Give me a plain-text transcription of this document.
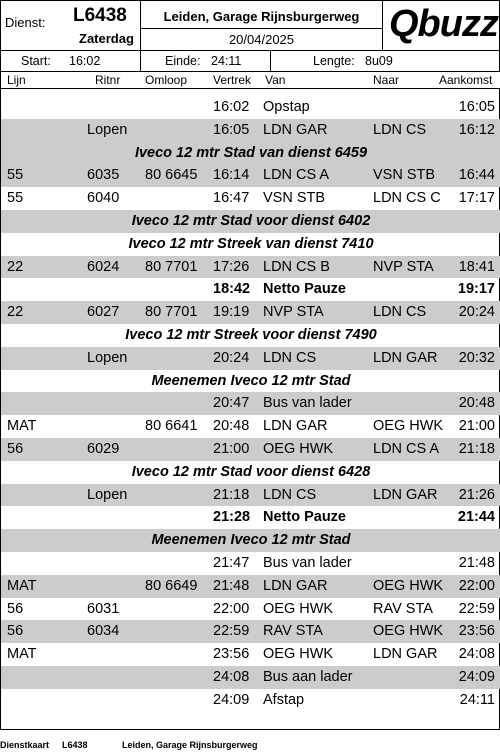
Dienst: L6438
Zaterdag
Leiden, Garage Rijnsburgerweg
20/04/2025	Qbuzz
Start: 16:02	Einde: 24:11	Lengte: 8u09
Lijn	Ritnr Omloop Vertrek Van	Naar	Aankomst
16:02 Opstap	16:05
Lopen	16:05 LDN GAR	LDN CS 16:12
Iveco 12 mtr Stad van dienst 6459
55	6035 80 6645 16:14 LDN CS A	VSN STB 16:44
55	6040	16:47 VSN STB	LDN CS C 17:17
Iveco 12 mtr Stad voor dienst 6402
Iveco 12 mtr Streek van dienst 7410
22	6024 80 7701 17:26 LDN CS B	NVP STA 18:41
18:42 Netto Pauze	19:17
22	6027 80 7701 19:19 NVP STA	LDN CS 20:24
Iveco 12 mtr Streek voor dienst 7490
Lopen	20:24 LDN CS	LDN GAR 20:32
Meenemen Iveco 12 mtr Stad
20:47 Bus van lader	20:48
MAT	80 6641 20:48 LDN GAR	OEG HWK 21:00
56	6029	21:00 OEG HWK	LDN CS A 21:18
Iveco 12 mtr Stad voor dienst 6428
Lopen	21:18 LDN CS	LDN GAR 21:26
21:28 Netto Pauze	21:44
Meenemen Iveco 12 mtr Stad
21:47 Bus van lader	21:48
MAT	80 6649 21:48 LDN GAR	OEG HWK 22:00
56	6031	22:00 OEG HWK	RAV STA 22:59
56	6034	22:59 RAV STA	OEG HWK 23:56
MAT	23:56 OEG HWK	LDN GAR 24:08
24:08 Bus aan lader	24:09
24:09 Afstap	24:11
Dienstkaart L6438	Leiden, Garage Rijnsburgerweg
